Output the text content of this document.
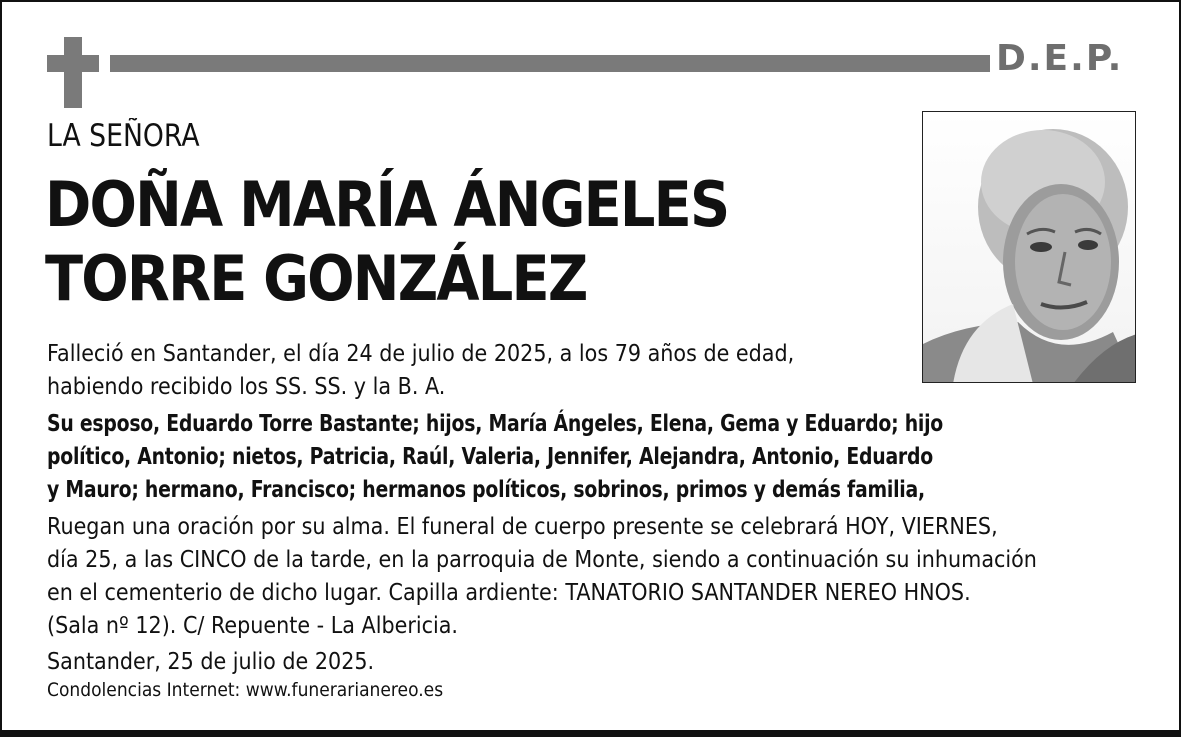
D.E.P.
LA SEÑORA
DOÑA MARÍA ÁNGELES
TORRE GONZÁLEZ
Falleció en Santander, el día 24 de julio de 2025, a los 79 años de edad,
habiendo recibido los SS. SS. y la B. A.
Su esposo, Eduardo Torre Bastante; hijos, María Ángeles, Elena, Gema y Eduardo; hijo
político, Antonio; nietos, Patricia, Raúl, Valeria, Jennifer, Alejandra, Antonio, Eduardo
y Mauro; hermano, Francisco; hermanos políticos, sobrinos, primos y demás familia,
Ruegan una oración por su alma. El funeral de cuerpo presente se celebrará HOY, VIERNES,
día 25, a las CINCO de la tarde, en la parroquia de Monte, siendo a continuación su inhumación
en el cementerio de dicho lugar. Capilla ardiente: TANATORIO SANTANDER NEREO HNOS.
(Sala nº 12). C/ Repuente - La Albericia.
Santander, 25 de julio de 2025.
Condolencias Internet: www.funerarianereo.es
